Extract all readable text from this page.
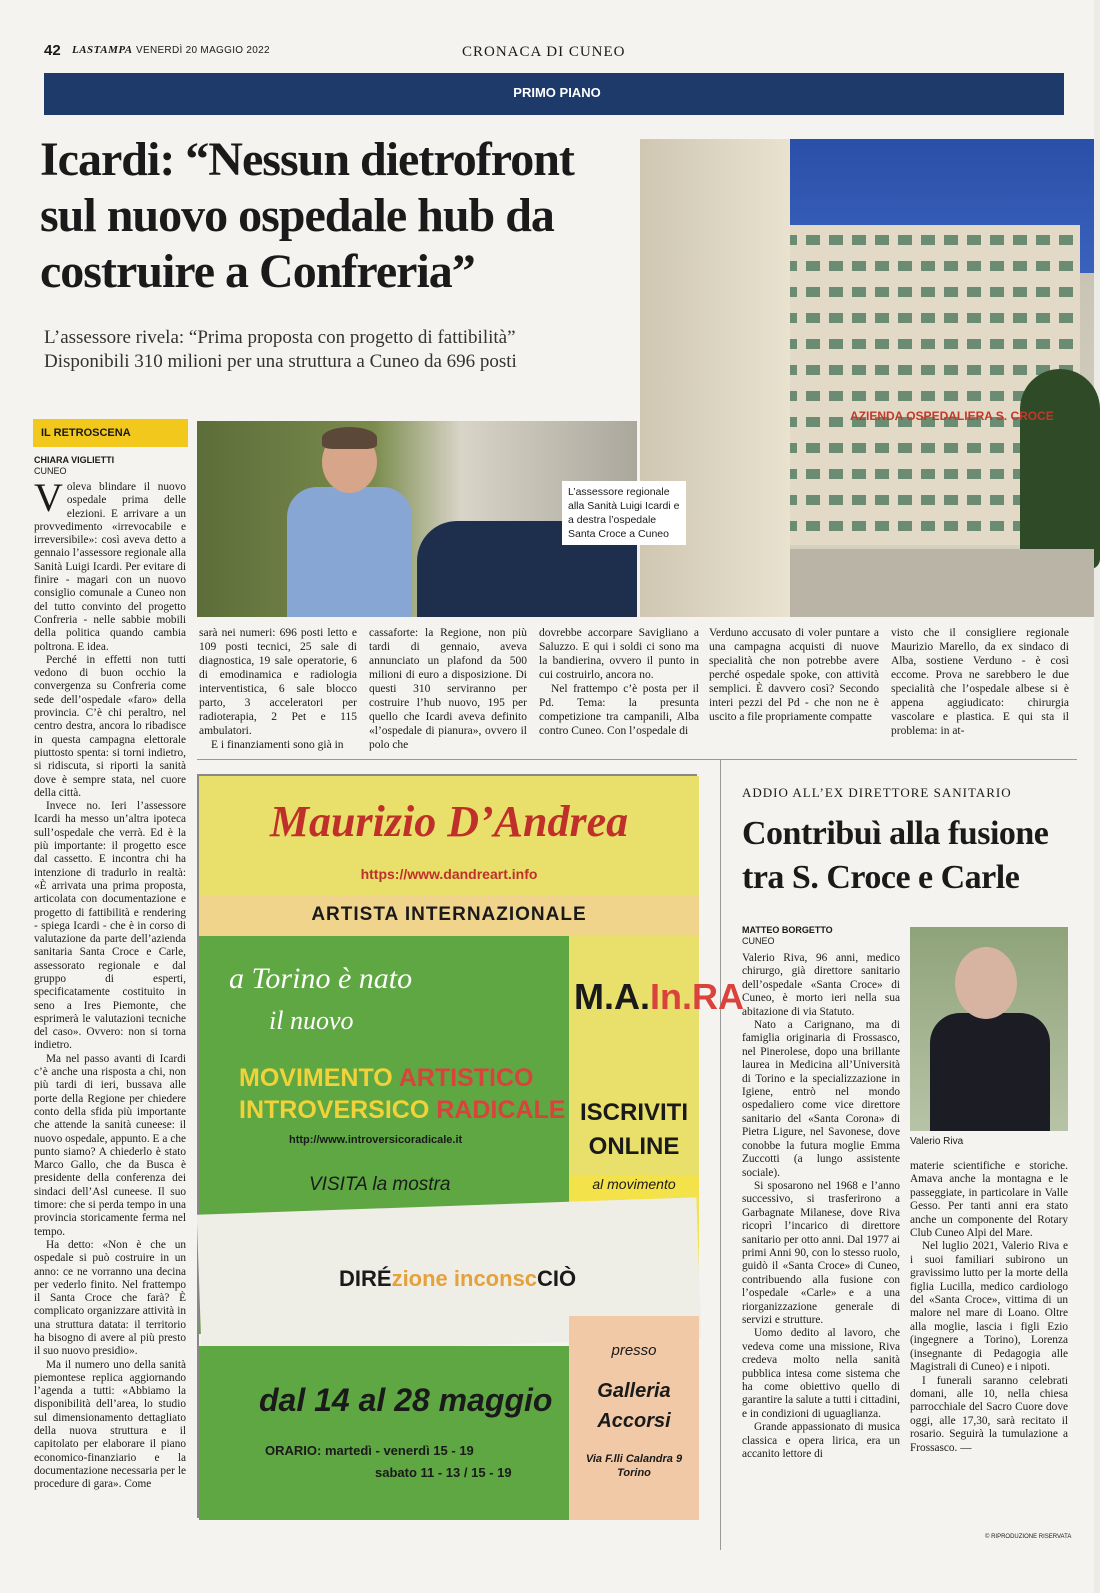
42 LASTAMPA VENERDÌ 20 MAGGIO 2022	CRONACA DI CUNEO
PRIMO PIANO
Icardi: “Nessun dietrofront sul nuovo ospedale hub da costruire a Confreria”
L’assessore rivela: “Prima proposta con progetto di fattibilità”
Disponibili 310 milioni per una struttura a Cuneo da 696 posti
AZIENDA OSPEDALIERA S. CROCE
L’assessore regionale alla Sanità Luigi Icardi e a destra l’ospedale Santa Croce a Cuneo
IL RETROSCENA
CHIARA VIGLIETTI
CUNEO

Voleva blindare il nuovo ospedale prima delle elezioni. E arrivare a un provvedimento «irrevocabile e irreversibile»: così aveva detto a gennaio l’assessore regionale alla Sanità Luigi Icardi. Per evitare di finire - magari con un nuovo consiglio comunale a Cuneo non del tutto convinto del progetto Confreria - nelle sabbie mobili della politica quando cambia poltrona. E idea.

Perché in effetti non tutti vedono di buon occhio la convergenza su Confreria come sede dell’ospedale «faro» della provincia. C’è chi peraltro, nel centro destra, ancora lo ribadisce in questa campagna elettorale piuttosto spenta: si torni indietro, si ridiscuta, si riporti la sanità dove è sempre stata, nel cuore della città.

Invece no. Ieri l’assessore Icardi ha messo un’altra ipoteca sull’ospedale che verrà. Ed è la più importante: il progetto esce dal cassetto. E incontra chi ha intenzione di tradurlo in realtà: «È arrivata una prima proposta, articolata con documentazione e progetto di fattibilità e rendering - spiega Icardi - che è in corso di valutazione da parte dell’azienda sanitaria Santa Croce e Carle, assessorato regionale e dal gruppo di esperti, specificatamente costituito in seno a Ires Piemonte, che esprimerà le valutazioni tecniche del caso». Ovvero: non si torna indietro.

Ma nel passo avanti di Icardi c’è anche una risposta a chi, non più tardi di ieri, bussava alle porte della Regione per chiedere conto della sfida più importante che attende la sanità cuneese: il nuovo ospedale, appunto. E a che punto siamo? A chiederlo è stato Marco Gallo, che da Busca è presidente della conferenza dei sindaci dell’Asl cuneese. Il suo timore: che si perda tempo in una provincia storicamente ferma nel tempo.

Ha detto: «Non è che un ospedale si può costruire in un anno: ce ne vorranno una decina per vederlo finito. Nel frattempo il Santa Croce che farà? È complicato organizzare attività in una struttura datata: il territorio ha bisogno di avere al più presto il suo nuovo presidio».

Ma il numero uno della sanità piemontese replica aggiornando l’agenda a tutti: «Abbiamo la disponibilità dell’area, lo studio sul dimensionamento dettagliato della nuova struttura e il capitolato per elaborare il piano economico-finanziario e la documentazione necessaria per le procedure di gara». Come

sarà nei numeri: 696 posti letto e 109 posti tecnici, 25 sale di diagnostica, 19 sale operatorie, 6 di emodinamica e radiologia interventistica, 6 sale blocco parto, 3 acceleratori per radioterapia, 2 Pet e 115 ambulatori.

E i finanziamenti sono già in

cassaforte: la Regione, non più tardi di gennaio, aveva annunciato un plafond da 500 milioni di euro a disposizione. Di questi 310 serviranno per costruire l’hub nuovo, 195 per quello che Icardi aveva definito «l’ospedale di pianura», ovvero il polo che

dovrebbe accorpare Savigliano a Saluzzo. E qui i soldi ci sono ma la bandierina, ovvero il punto in cui costruirlo, ancora no.

Nel frattempo c’è posta per il Pd. Tema: la presunta competizione tra campanili, Alba contro Cuneo. Con l’ospedale di

Verduno accusato di voler puntare a una campagna acquisti di nuove specialità che non potrebbe avere perché ospedale spoke, con attività semplici. È davvero così? Secondo interi pezzi del Pd - che non ne è uscito a file propriamente compatte
visto che il consigliere regionale Maurizio Marello, da ex sindaco di Alba, sostiene Verduno - è così eccome. Prova ne sarebbero le due specialità che l’ospedale albese si è appena aggiudicato: chirurgia vascolare e plastica. E qui sta il problema: in at-
Maurizio D’Andrea
https://www.dandreart.info
ARTISTA INTERNAZIONALE
a Torino è nato
il nuovo
MOVIMENTO ARTISTICO
INTROVERSICO RADICALE
http://www.introversicoradicale.it
VISITA la mostra
M.A.In.RA
ISCRIVITI
ONLINE
al movimento
DIRÉzione inconscCIÒ
dal 14 al 28 maggio
ORARIO: martedì - venerdì 15 - 19
sabato 11 - 13 / 15 - 19
presso
Galleria
Accorsi
Via F.lli Calandra 9
Torino
ADDIO ALL’EX DIRETTORE SANITARIO
Contribuì alla fusione tra S. Croce e Carle
MATTEO BORGETTO
CUNEO
Valerio Riva

Valerio Riva, 96 anni, medico chirurgo, già direttore sanitario dell’ospedale «Santa Croce» di Cuneo, è morto ieri nella sua abitazione di via Statuto.

Nato a Carignano, ma di famiglia originaria di Frossasco, nel Pinerolese, dopo una brillante laurea in Medicina all’Università di Torino e la specializzazione in Igiene, entrò nel mondo ospedaliero come vice direttore sanitario del «Santa Corona» di Pietra Ligure, nel Savonese, dove conobbe la futura moglie Emma Zuccotti (a lungo assistente sociale).

Si sposarono nel 1968 e l’anno successivo, si trasferirono a Garbagnate Milanese, dove Riva ricoprì l’incarico di direttore sanitario per otto anni. Dal 1977 ai primi Anni 90, con lo stesso ruolo, guidò il «Santa Croce» di Cuneo, contribuendo alla fusione con l’ospedale «Carle» e a una riorganizzazione generale di servizi e strutture.

Uomo dedito al lavoro, che vedeva come una missione, Riva credeva molto nella sanità pubblica intesa come sistema che ha come obiettivo quello di garantire la salute a tutti i cittadini, e in condizioni di uguaglianza.

Grande appassionato di musica classica e opera lirica, era un accanito lettore di

materie scientifiche e storiche. Amava anche la montagna e le passeggiate, in particolare in Valle Gesso. Per tanti anni era stato anche un componente del Rotary Club Cuneo Alpi del Mare.

Nel luglio 2021, Valerio Riva e i suoi familiari subirono un gravissimo lutto per la morte della figlia Lucilla, medico cardiologo del «Santa Croce», vittima di un malore nel mare di Loano. Oltre alla moglie, lascia i figli Ezio (ingegnere a Torino), Lorenza (insegnante di Pedagogia alle Magistrali di Cuneo) e i nipoti.

I funerali saranno celebrati domani, alle 10, nella chiesa parrocchiale del Sacro Cuore dove oggi, alle 17,30, sarà recitato il rosario. Seguirà la tumulazione a Frossasco. —

© RIPRODUZIONE RISERVATA
